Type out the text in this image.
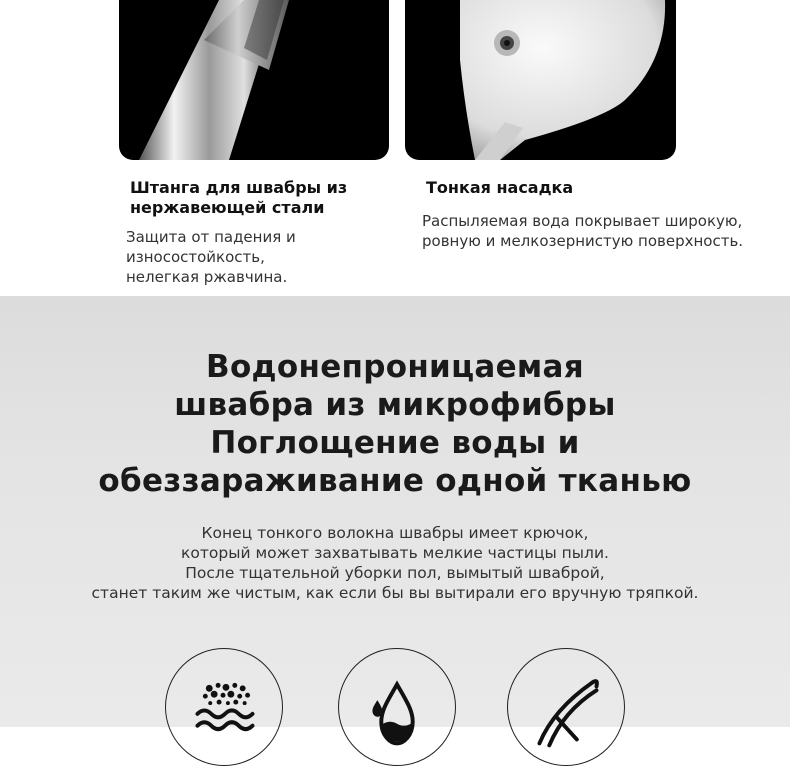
Штанга для швабры из
нержавеющей стали
Защита от падения и
износостойкость,
нелегкая ржавчина.
Тонкая насадка
Распыляемая вода покрывает широкую,
ровную и мелкозернистую поверхность.
Водонепроницаемая
швабра из микрофибры
Поглощение воды и
обеззараживание одной тканью
Конец тонкого волокна швабры имеет крючок,
который может захватывать мелкие частицы пыли.
После тщательной уборки пол, вымытый шваброй,
станет таким же чистым, как если бы вы вытирали его вручную тряпкой.
